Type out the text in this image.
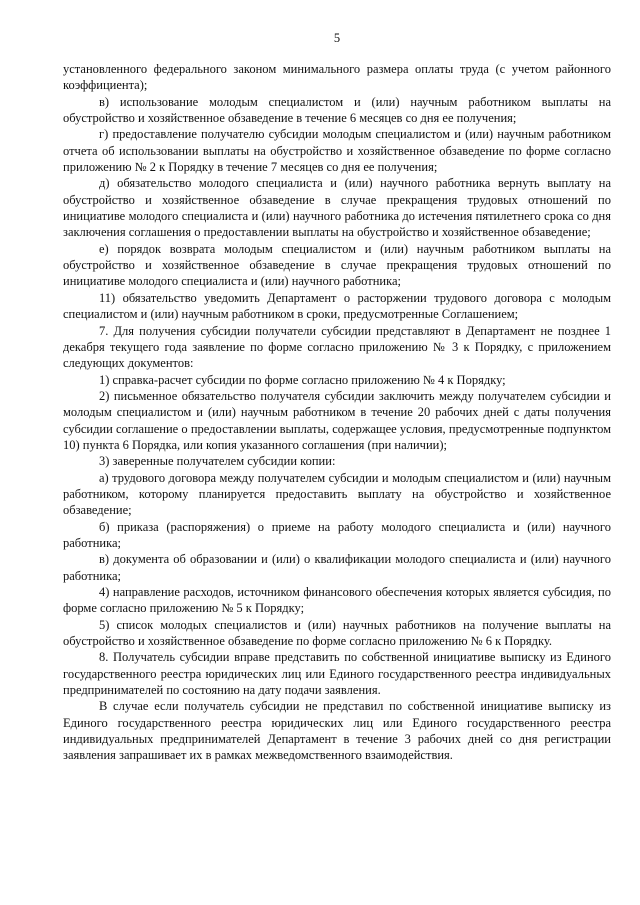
5

установленного федерального законом минимального размера оплаты труда (с учетом районного коэффициента);

в) использование молодым специалистом и (или) научным работником выплаты на обустройство и хозяйственное обзаведение в течение 6 месяцев со дня ее получения;

г) предоставление получателю субсидии молодым специалистом и (или) научным работником отчета об использовании выплаты на обустройство и хозяйственное обзаведение по форме согласно приложению № 2 к Порядку в течение 7 месяцев со дня ее получения;

д) обязательство молодого специалиста и (или) научного работника вернуть выплату на обустройство и хозяйственное обзаведение в случае прекращения трудовых отношений по инициативе молодого специалиста и (или) научного работника до истечения пятилетнего срока со дня заключения соглашения о предоставлении выплаты на обустройство и хозяйственное обзаведение;

е) порядок возврата молодым специалистом и (или) научным работником выплаты на обустройство и хозяйственное обзаведение в случае прекращения трудовых отношений по инициативе молодого специалиста и (или) научного работника;

11) обязательство уведомить Департамент о расторжении трудового договора с молодым специалистом и (или) научным работником в сроки, предусмотренные Соглашением;

7. Для получения субсидии получатели субсидии представляют в Департамент не позднее 1 декабря текущего года заявление по форме согласно приложению № 3 к Порядку, с приложением следующих документов:

1) справка-расчет субсидии по форме согласно приложению № 4 к Порядку;

2) письменное обязательство получателя субсидии заключить между получателем субсидии и молодым специалистом и (или) научным работником в течение 20 рабочих дней с даты получения субсидии соглашение о предоставлении выплаты, содержащее условия, предусмотренные подпунктом 10) пункта 6 Порядка, или копия указанного соглашения (при наличии);

3) заверенные получателем субсидии копии:

а) трудового договора между получателем субсидии и молодым специалистом и (или) научным работником, которому планируется предоставить выплату на обустройство и хозяйственное обзаведение;

б) приказа (распоряжения) о приеме на работу молодого специалиста и (или) научного работника;

в) документа об образовании и (или) о квалификации молодого специалиста и (или) научного работника;

4) направление расходов, источником финансового обеспечения которых является субсидия, по форме согласно приложению № 5 к Порядку;

5) список молодых специалистов и (или) научных работников на получение выплаты на обустройство и хозяйственное обзаведение по форме согласно приложению № 6 к Порядку.

8. Получатель субсидии вправе представить по собственной инициативе выписку из Единого государственного реестра юридических лиц или Единого государственного реестра индивидуальных предпринимателей по состоянию на дату подачи заявления.

В случае если получатель субсидии не представил по собственной инициативе выписку из Единого государственного реестра юридических лиц или Единого государственного реестра индивидуальных предпринимателей Департамент в течение 3 рабочих дней со дня регистрации заявления запрашивает их в рамках межведомственного взаимодействия.
